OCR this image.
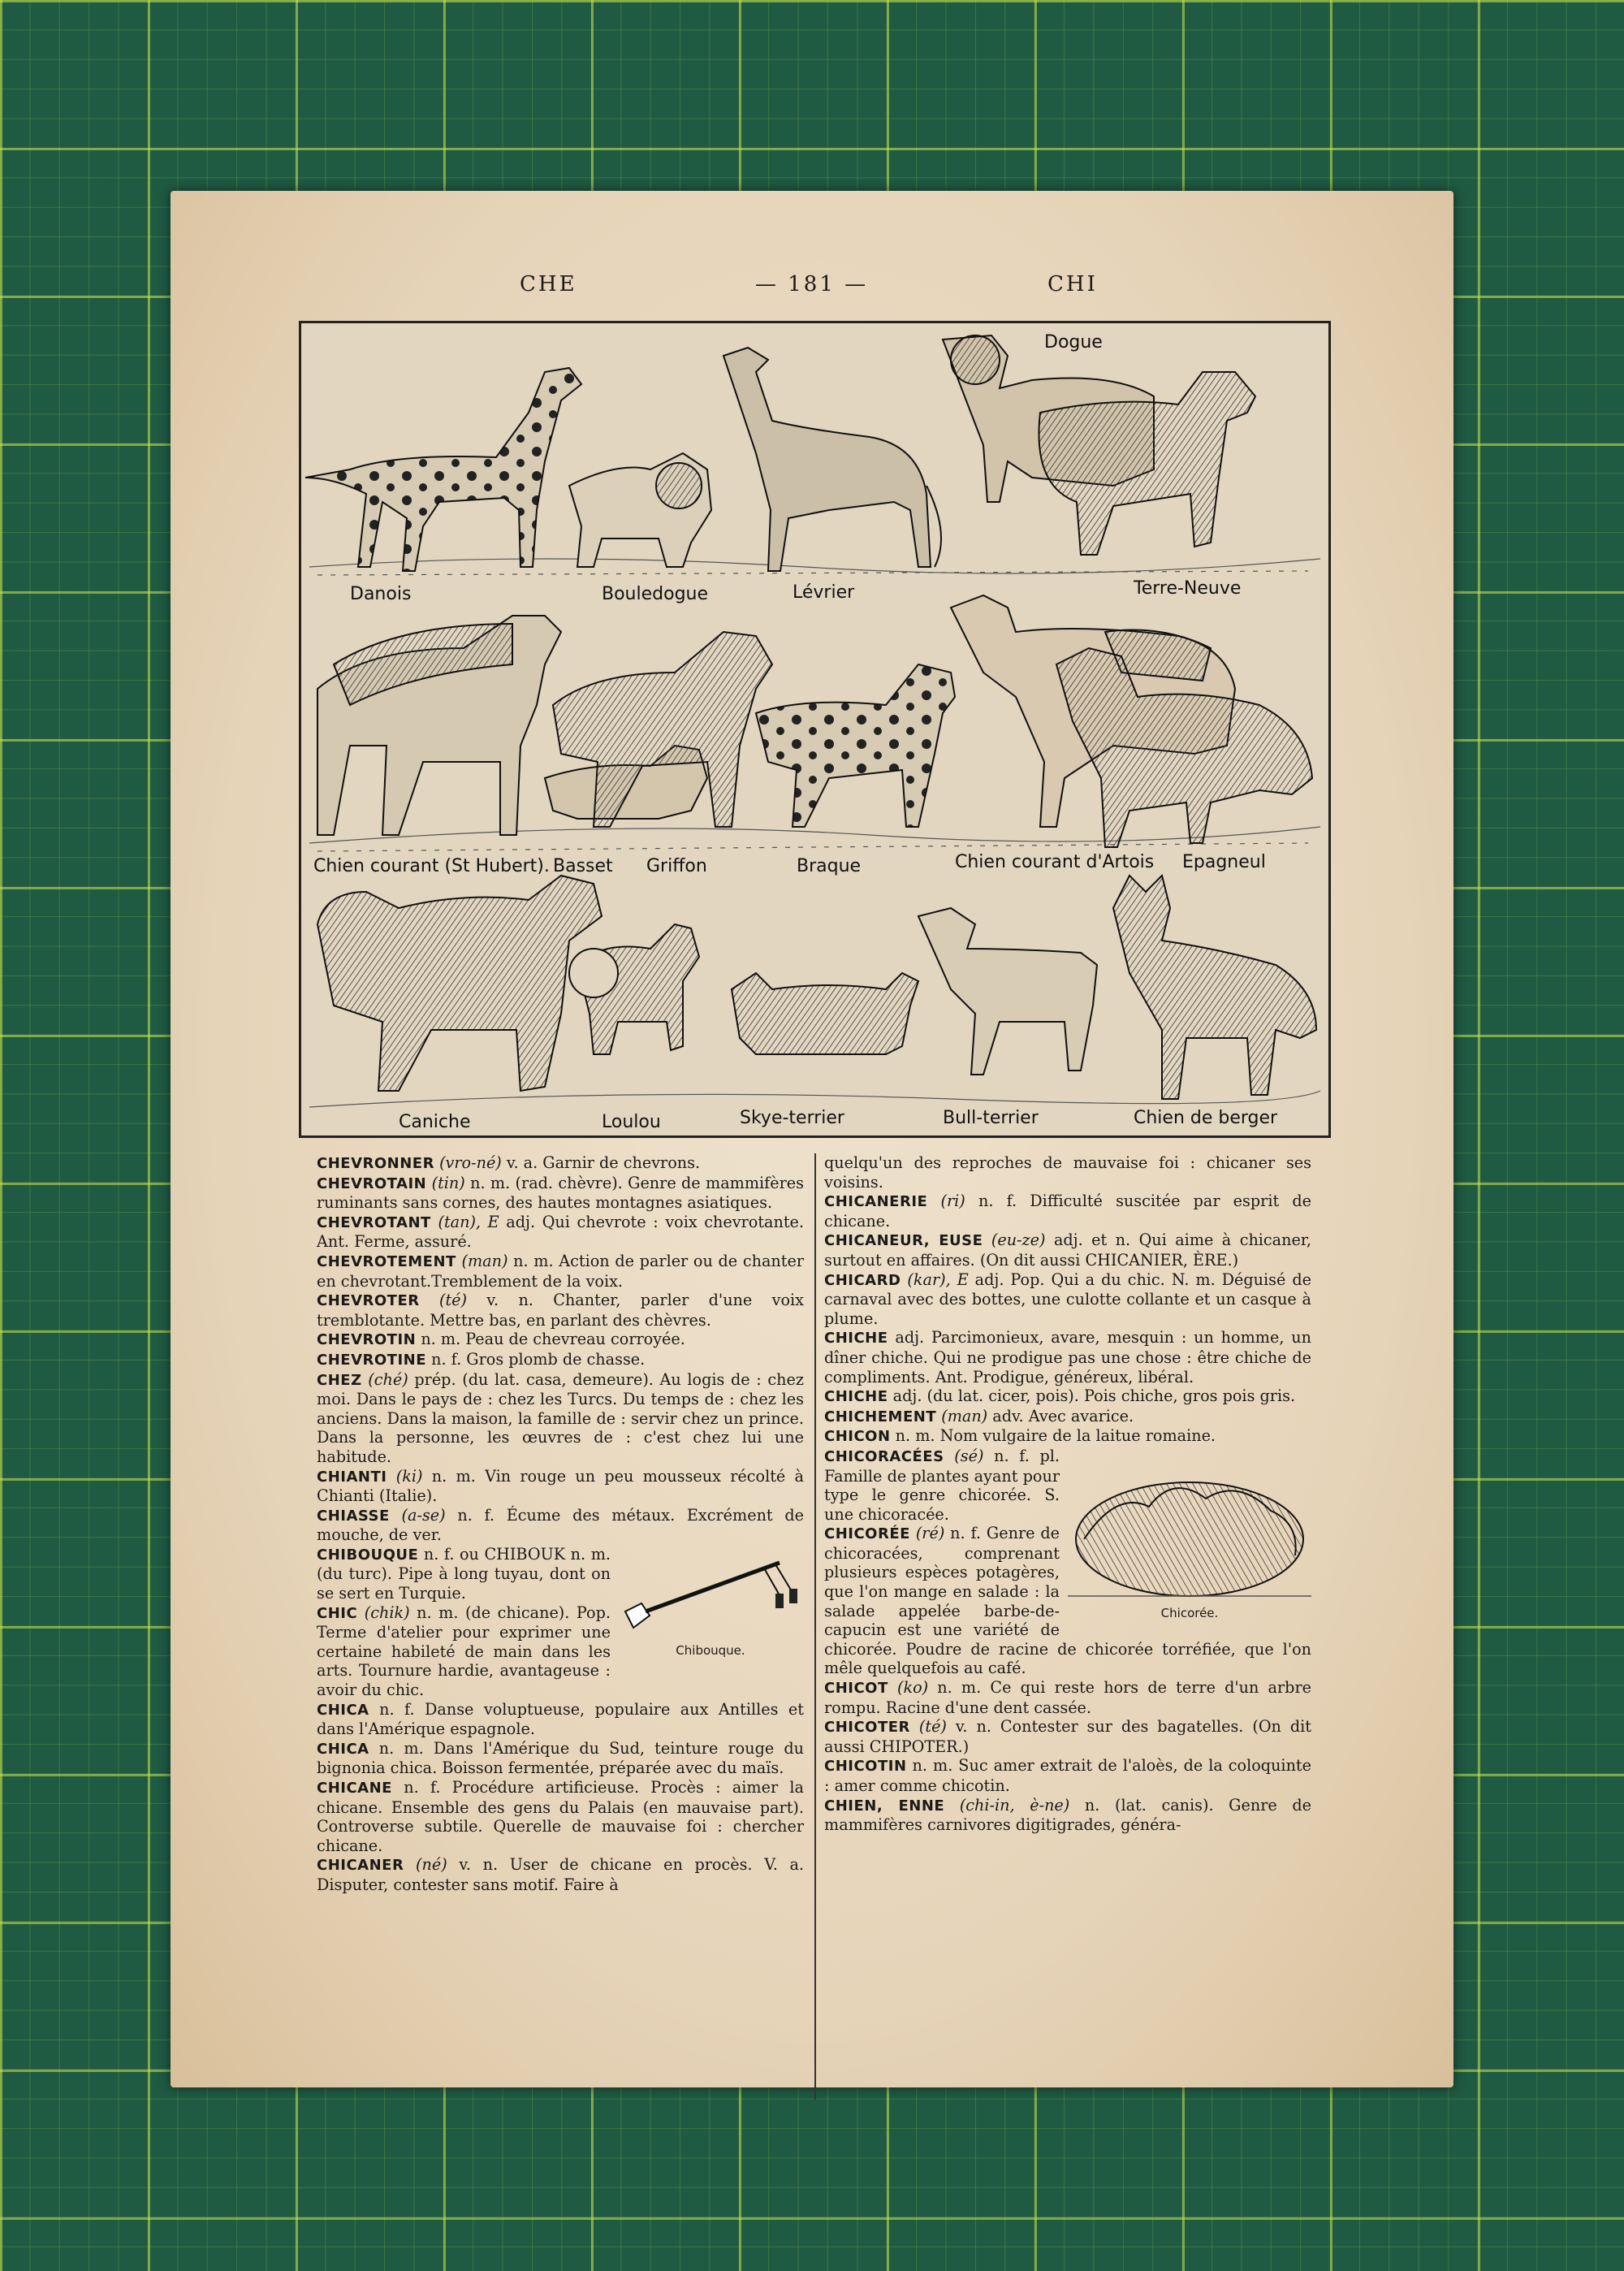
CHE	— 181 —	CHI
Danois	Bouledogue	Lévrier
Dogue
Terre-Neuve
Chien courant (St Hubert). Basset Griffon	Braque	Chien courant d'Artois Epagneul
Caniche	Loulou	Skye-terrier	Bull-terrier	Chien de berger

CHEVRONNER (vro-né) v. a. Garnir de chevrons.

CHEVROTAIN (tin) n. m. (rad. chèvre). Genre de mammifères ruminants sans cornes, des hautes montagnes asiatiques.

CHEVROTANT (tan), E adj. Qui chevrote : voix chevrotante. Ant. Ferme, assuré.

CHEVROTEMENT (man) n. m. Action de parler ou de chanter en chevrotant.Tremblement de la voix.

CHEVROTER (té) v. n. Chanter, parler d'une voix tremblotante. Mettre bas, en parlant des chèvres.

CHEVROTIN n. m. Peau de chevreau corroyée.

CHEVROTINE n. f. Gros plomb de chasse.

CHEZ (ché) prép. (du lat. casa, demeure). Au logis de : chez moi. Dans le pays de : chez les Turcs. Du temps de : chez les anciens. Dans la maison, la famille de : servir chez un prince. Dans la personne, les œuvres de : c'est chez lui une habitude.

CHIANTI (ki) n. m. Vin rouge un peu mousseux récolté à Chianti (Italie).

CHIASSE (a-se) n. f. Écume des métaux. Excrément de mouche, de ver.

Chibouque.

CHIBOUQUE n. f. ou CHIBOUK n. m. (du turc). Pipe à long tuyau, dont on se sert en Turquie.

CHIC (chik) n. m. (de chicane). Pop. Terme d'atelier pour exprimer une certaine habileté de main dans les arts. Tournure hardie, avantageuse : avoir du chic.

CHICA n. f. Danse voluptueuse, populaire aux Antilles et dans l'Amérique espagnole.

CHICA n. m. Dans l'Amérique du Sud, teinture rouge du bignonia chica. Boisson fermentée, préparée avec du maïs.

CHICANE n. f. Procédure artificieuse. Procès : aimer la chicane. Ensemble des gens du Palais (en mauvaise part). Controverse subtile. Querelle de mauvaise foi : chercher chicane.

CHICANER (né) v. n. User de chicane en procès. V. a. Disputer, contester sans motif. Faire à

quelqu'un des reproches de mauvaise foi : chicaner ses voisins.

CHICANERIE (ri) n. f. Difficulté suscitée par esprit de chicane.

CHICANEUR, EUSE (eu-ze) adj. et n. Qui aime à chicaner, surtout en affaires. (On dit aussi CHICANIER, ÈRE.)

CHICARD (kar), E adj. Pop. Qui a du chic. N. m. Déguisé de carnaval avec des bottes, une culotte collante et un casque à plume.

CHICHE adj. Parcimonieux, avare, mesquin : un homme, un dîner chiche. Qui ne prodigue pas une chose : être chiche de compliments. Ant. Prodigue, généreux, libéral.

CHICHE adj. (du lat. cicer, pois). Pois chiche, gros pois gris.

CHICHEMENT (man) adv. Avec avarice.

CHICON n. m. Nom vulgaire de la laitue romaine.

Chicorée.

CHICORACÉES (sé) n. f. pl. Famille de plantes ayant pour type le genre chicorée. S. une chicoracée.

CHICORÉE (ré) n. f. Genre de chicoracées, comprenant plusieurs espèces potagères, que l'on mange en salade : la salade appelée barbe-de-capucin est une variété de chicorée. Poudre de racine de chicorée torréfiée, que l'on mêle quelquefois au café.

CHICOT (ko) n. m. Ce qui reste hors de terre d'un arbre rompu. Racine d'une dent cassée.

CHICOTER (té) v. n. Contester sur des bagatelles. (On dit aussi CHIPOTER.)

CHICOTIN n. m. Suc amer extrait de l'aloès, de la coloquinte : amer comme chicotin.

CHIEN, ENNE (chi-in, è-ne) n. (lat. canis). Genre de mammifères carnivores digitigrades, généra-
